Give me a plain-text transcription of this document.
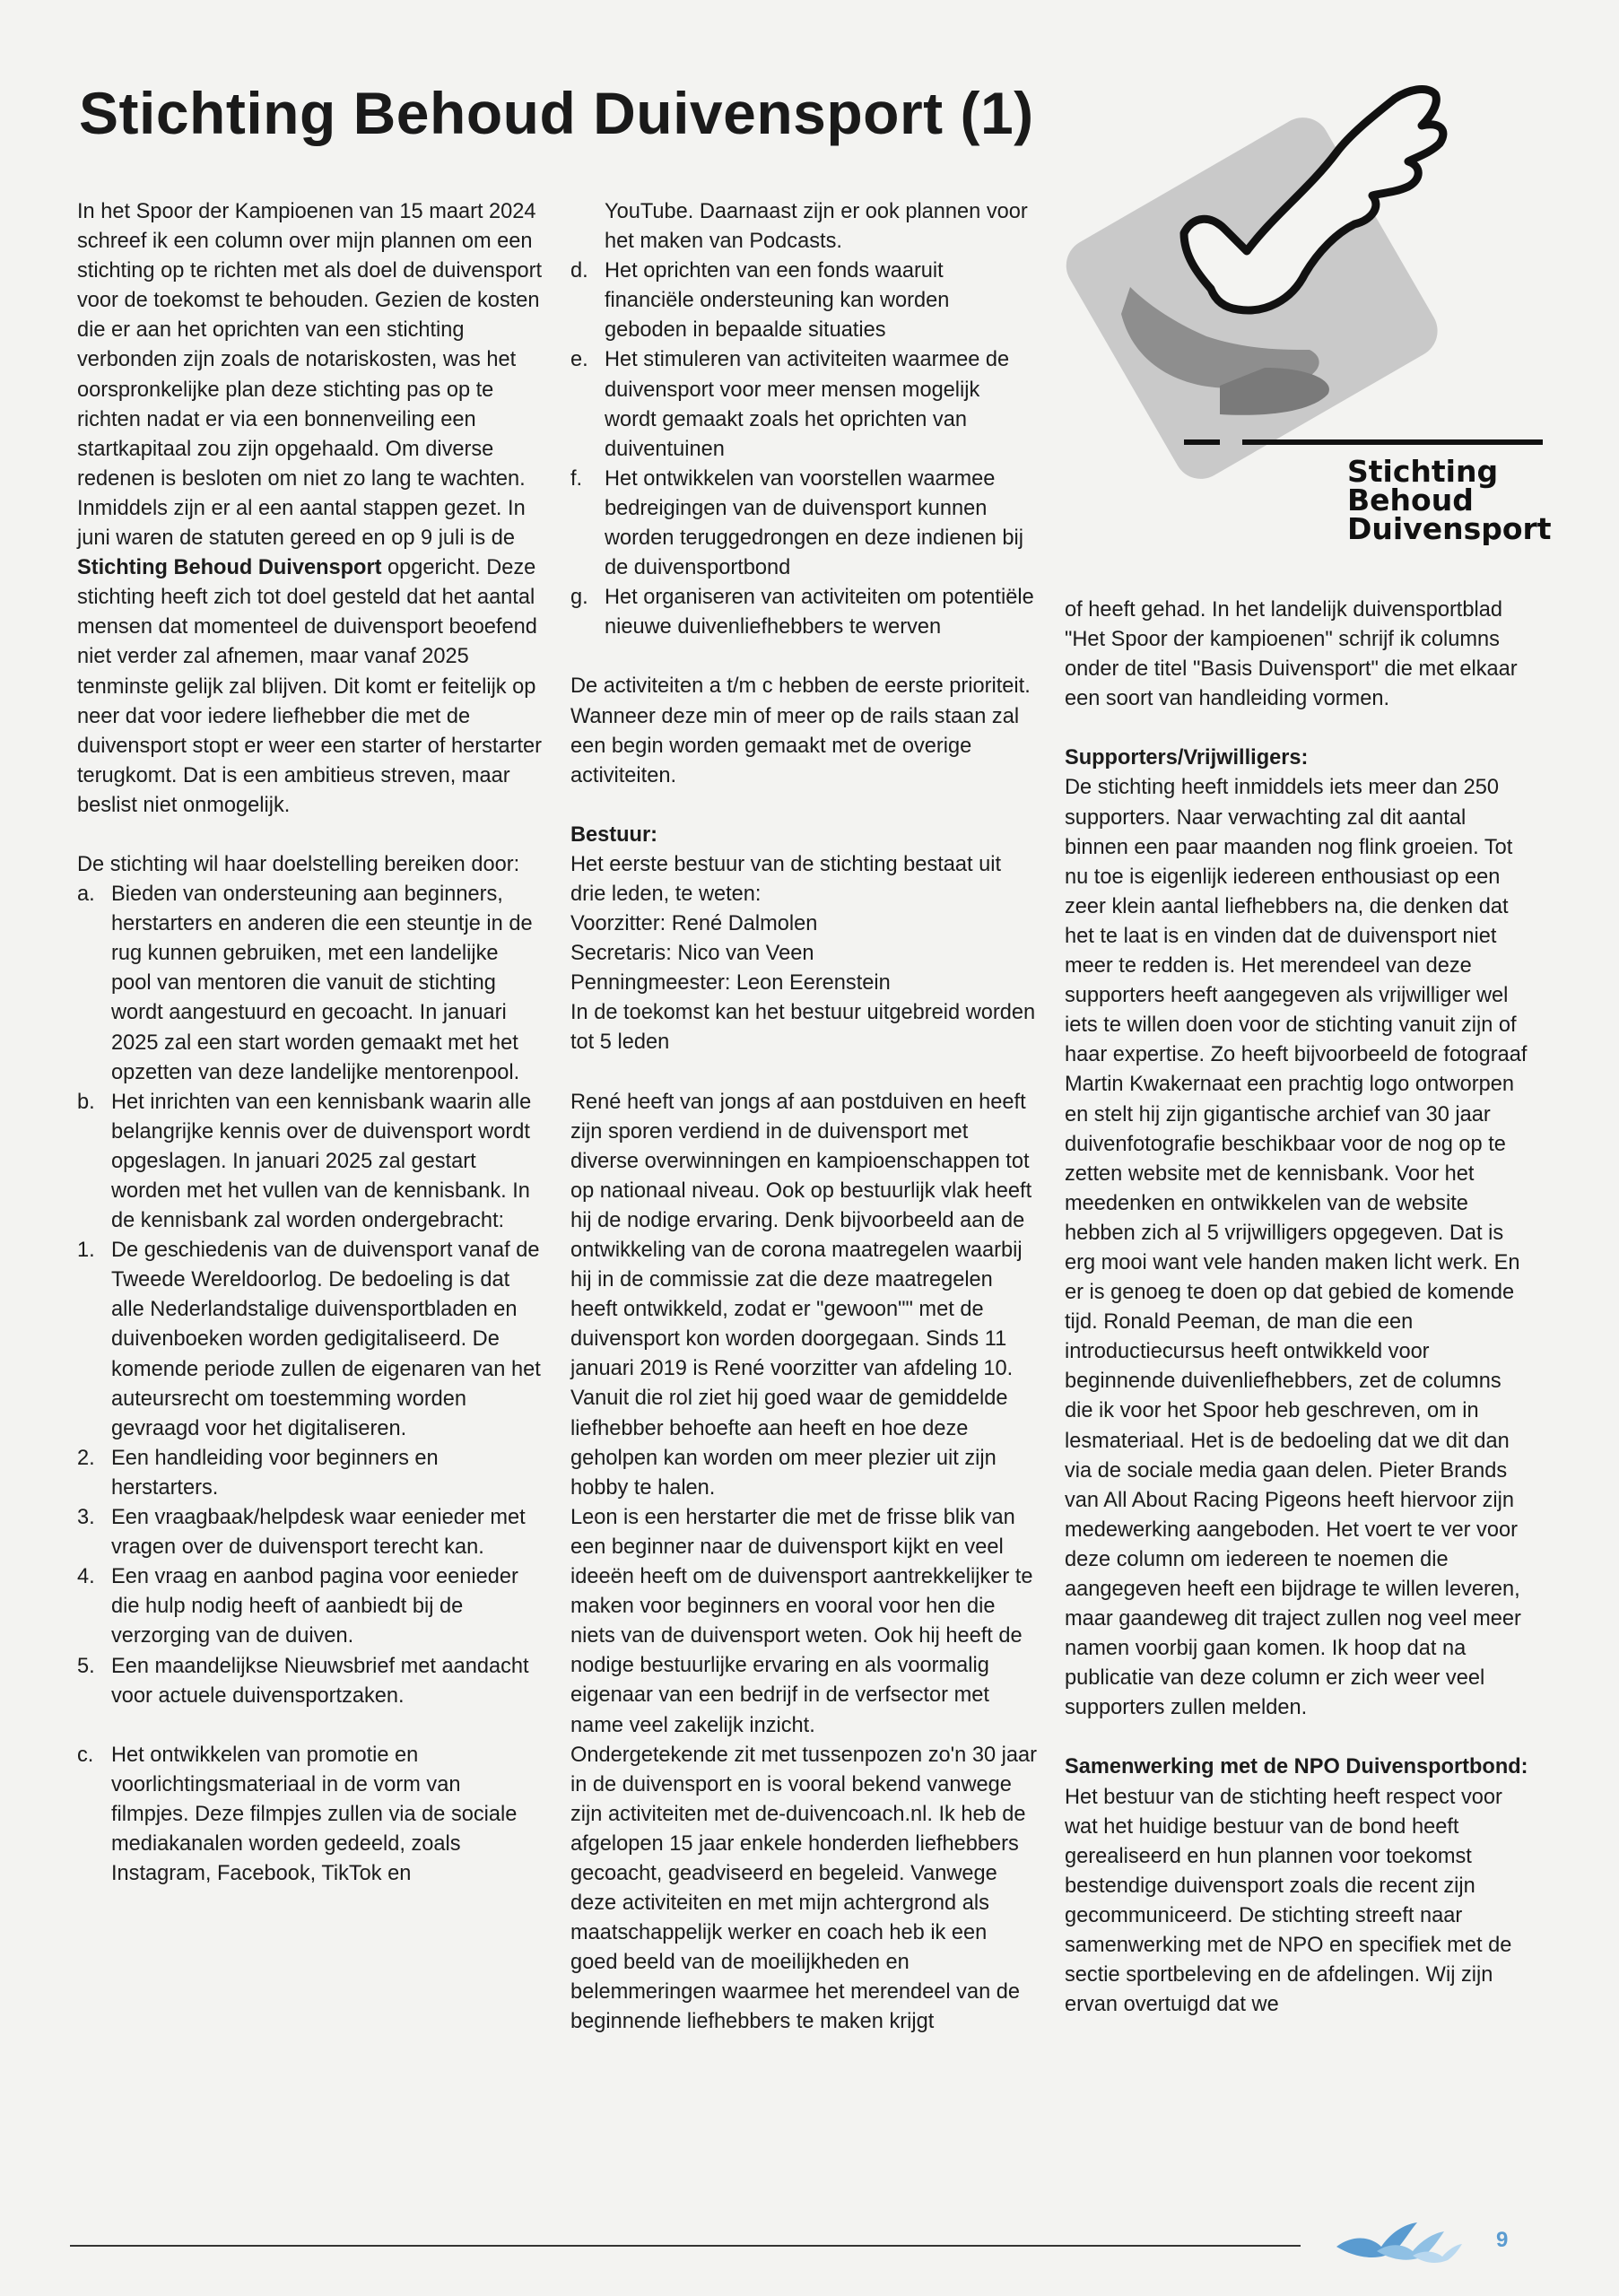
Stichting Behoud Duivensport (1)
Stichting
Behoud
Duivensport

In het Spoor der Kampioenen van 15 maart 2024 schreef ik een column over mijn plannen om een stichting op te richten met als doel de duivensport voor de toekomst te behouden. Gezien de kosten die er aan het oprichten van een stichting verbonden zijn zoals de notariskosten, was het oorspronkelijke plan deze stichting pas op te richten nadat er via een bonnenveiling een startkapitaal zou zijn opgehaald. Om diverse redenen is besloten om niet zo lang te wachten. Inmiddels zijn er al een aantal stappen gezet. In juni waren de statuten gereed en op 9 juli is de Stichting Behoud Duivensport opgericht. Deze stichting heeft zich tot doel gesteld dat het aantal mensen dat momenteel de duivensport beoefend niet verder zal afnemen, maar vanaf 2025 tenminste gelijk zal blijven. Dit komt er feitelijk op neer dat voor iedere liefhebber die met de duivensport stopt er weer een starter of herstarter terugkomt. Dat is een ambitieus streven, maar beslist niet onmogelijk.

De stichting wil haar doelstelling bereiken door:

a. Bieden van ondersteuning aan beginners, herstarters en anderen die een steuntje in de rug kunnen gebruiken, met een landelijke pool van mentoren die vanuit de stichting wordt aangestuurd en gecoacht. In januari 2025 zal een start worden gemaakt met het opzetten van deze landelijke mentorenpool.
b. Het inrichten van een kennisbank waarin alle belangrijke kennis over de duivensport wordt opgeslagen. In januari 2025 zal gestart worden met het vullen van de kennisbank. In de kennisbank zal worden ondergebracht:
1. De geschiedenis van de duivensport vanaf de Tweede Wereldoorlog. De bedoeling is dat alle Nederlandstalige duivensportbladen en duivenboeken worden gedigitaliseerd. De komende periode zullen de eigenaren van het auteursrecht om toestemming worden gevraagd voor het digitaliseren.
2. Een handleiding voor beginners en herstarters.
3. Een vraagbaak/helpdesk waar eenieder met vragen over de duivensport terecht kan.
4. Een vraag en aanbod pagina voor eenieder die hulp nodig heeft of aanbiedt bij de verzorging van de duiven.
5. Een maandelijkse Nieuwsbrief met aandacht voor actuele duivensportzaken.
c. Het ontwikkelen van promotie en voorlichtingsmateriaal in de vorm van filmpjes. Deze filmpjes zullen via de sociale mediakanalen worden gedeeld, zoals Instagram, Facebook, TikTok en

YouTube. Daarnaast zijn er ook plannen voor het maken van Podcasts.

d. Het oprichten van een fonds waaruit financiële ondersteuning kan worden geboden in bepaalde situaties
e. Het stimuleren van activiteiten waarmee de duivensport voor meer mensen mogelijk wordt gemaakt zoals het oprichten van duiventuinen
f.	Het ontwikkelen van voorstellen waarmee bedreigingen van de duivensport kunnen worden teruggedrongen en deze indienen bij de duivensportbond
g. Het organiseren van activiteiten om potentiële nieuwe duivenliefhebbers te werven

De activiteiten a t/m c hebben de eerste prioriteit. Wanneer deze min of meer op de rails staan zal een begin worden gemaakt met de overige activiteiten.

Bestuur:

Het eerste bestuur van de stichting bestaat uit drie leden, te weten:

Voorzitter: René Dalmolen

Secretaris: Nico van Veen

Penningmeester: Leon Eerenstein

In de toekomst kan het bestuur uitgebreid worden tot 5 leden

René heeft van jongs af aan postduiven en heeft zijn sporen verdiend in de duivensport met diverse overwinningen en kampioenschappen tot op nationaal niveau. Ook op bestuurlijk vlak heeft hij de nodige ervaring. Denk bijvoorbeeld aan de ontwikkeling van de corona maatregelen waarbij hij in de commissie zat die deze maatregelen heeft ontwikkeld, zodat er "gewoon"" met de duivensport kon worden doorgegaan. Sinds 11 januari 2019 is René voorzitter van afdeling 10. Vanuit die rol ziet hij goed waar de gemiddelde liefhebber behoefte aan heeft en hoe deze geholpen kan worden om meer plezier uit zijn hobby te halen.

Leon is een herstarter die met de frisse blik van een beginner naar de duivensport kijkt en veel ideeën heeft om de duivensport aantrekkelijker te maken voor beginners en vooral voor hen die niets van de duivensport weten. Ook hij heeft de nodige bestuurlijke ervaring en als voormalig eigenaar van een bedrijf in de verfsector met name veel zakelijk inzicht.

Ondergetekende zit met tussenpozen zo'n 30 jaar in de duivensport en is vooral bekend vanwege zijn activiteiten met de-duivencoach.nl. Ik heb de afgelopen 15 jaar enkele honderden liefhebbers gecoacht, geadviseerd en begeleid. Vanwege deze activiteiten en met mijn achtergrond als maatschappelijk werker en coach heb ik een goed beeld van de moeilijkheden en belemmeringen waarmee het merendeel van de beginnende liefhebbers te maken krijgt

of heeft gehad. In het landelijk duivensportblad "Het Spoor der kampioenen" schrijf ik columns onder de titel "Basis Duivensport" die met elkaar een soort van handleiding vormen.

Supporters/Vrijwilligers:

De stichting heeft inmiddels iets meer dan 250 supporters. Naar verwachting zal dit aantal binnen een paar maanden nog flink groeien. Tot nu toe is eigenlijk iedereen enthousiast op een zeer klein aantal liefhebbers na, die denken dat het te laat is en vinden dat de duivensport niet meer te redden is. Het merendeel van deze supporters heeft aangegeven als vrijwilliger wel iets te willen doen voor de stichting vanuit zijn of haar expertise. Zo heeft bijvoorbeeld de fotograaf Martin Kwakernaat een prachtig logo ontworpen en stelt hij zijn gigantische archief van 30 jaar duivenfotografie beschikbaar voor de nog op te zetten website met de kennisbank. Voor het meedenken en ontwikkelen van de website hebben zich al 5 vrijwilligers opgegeven. Dat is erg mooi want vele handen maken licht werk. En er is genoeg te doen op dat gebied de komende tijd. Ronald Peeman, de man die een introductiecursus heeft ontwikkeld voor beginnende duivenliefhebbers, zet de columns die ik voor het Spoor heb geschreven, om in lesmateriaal. Het is de bedoeling dat we dit dan via de sociale media gaan delen. Pieter Brands van All About Racing Pigeons heeft hiervoor zijn medewerking aangeboden. Het voert te ver voor deze column om iedereen te noemen die aangegeven heeft een bijdrage te willen leveren, maar gaandeweg dit traject zullen nog veel meer namen voorbij gaan komen. Ik hoop dat na publicatie van deze column er zich weer veel supporters zullen melden.

Samenwerking met de NPO Duivensportbond:

Het bestuur van de stichting heeft respect voor wat het huidige bestuur van de bond heeft gerealiseerd en hun plannen voor toekomst bestendige duivensport zoals die recent zijn gecommuniceerd. De stichting streeft naar samenwerking met de NPO en specifiek met de sectie sportbeleving en de afdelingen. Wij zijn ervan overtuigd dat we

9
